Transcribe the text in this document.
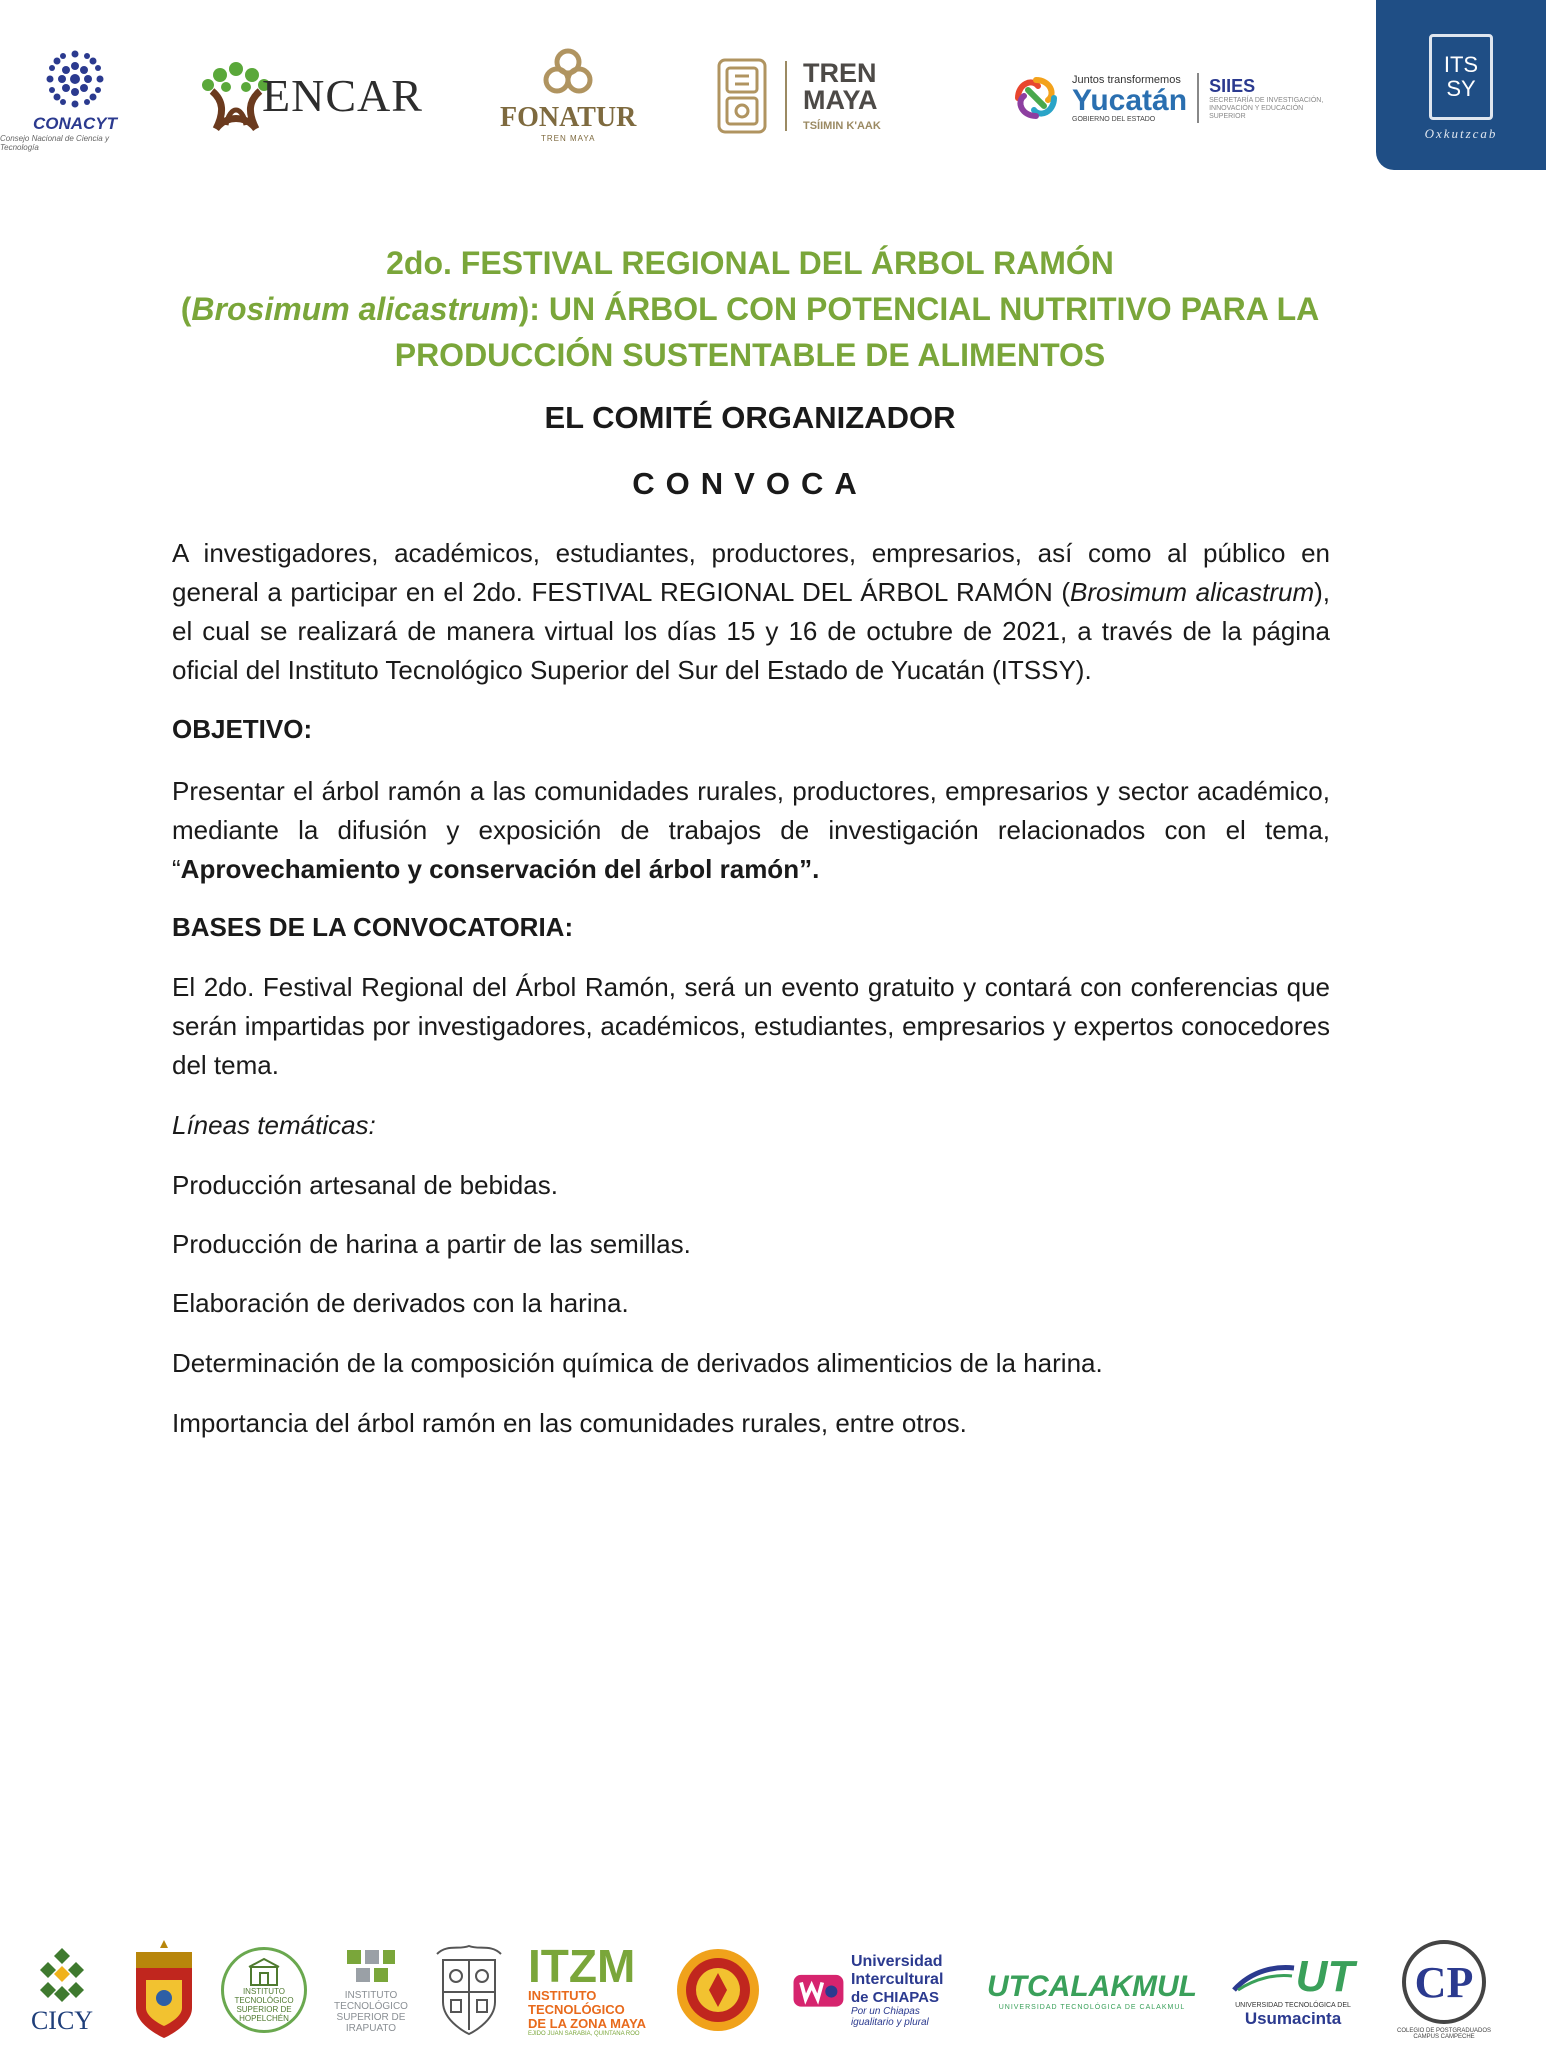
CONACYT
Consejo Nacional de Ciencia y Tecnología
ENCAR	FONATUR
TREN MAYA
TREN
MAYA
TSÍIMIN K'AAK
Juntos transformemos
Yucatán
GOBIERNO DEL ESTADO
SIIES
SECRETARÍA DE INVESTIGACIÓN,
INNOVACIÓN Y EDUCACIÓN
SUPERIOR
ITS
SY
Oxkutzcab
2do. FESTIVAL REGIONAL DEL ÁRBOL RAMÓN
(Brosimum alicastrum): UN ÁRBOL CON POTENCIAL NUTRITIVO PARA LA
PRODUCCIÓN SUSTENTABLE DE ALIMENTOS
EL COMITÉ ORGANIZADOR
CONVOCA
A investigadores, académicos, estudiantes, productores, empresarios, así como al público en general a participar en el 2do. FESTIVAL REGIONAL DEL ÁRBOL RAMÓN (Brosimum alicastrum), el cual se realizará de manera virtual los días 15 y 16 de octubre de 2021, a través de la página oficial del Instituto Tecnológico Superior del Sur del Estado de Yucatán (ITSSY).
OBJETIVO:
Presentar el árbol ramón a las comunidades rurales, productores, empresarios y sector académico, mediante la difusión y exposición de trabajos de investigación relacionados con el tema, “Aprovechamiento y conservación del árbol ramón”.
BASES DE LA CONVOCATORIA:
El 2do. Festival Regional del Árbol Ramón, será un evento gratuito y contará con conferencias que serán impartidas por investigadores, académicos, estudiantes, empresarios y expertos conocedores del tema.
Líneas temáticas:
Producción artesanal de bebidas.
Producción de harina a partir de las semillas.
Elaboración de derivados con la harina.
Determinación de la composición química de derivados alimenticios de la harina.
Importancia del árbol ramón en las comunidades rurales, entre otros.
CICY
INSTITUTO TECNOLÓGICO SUPERIOR DE HOPELCHÉN
INSTITUTO
TECNOLÓGICO
SUPERIOR DE
IRAPUATO
ITZM
INSTITUTO
TECNOLÓGICO
DE LA ZONA MAYA
EJIDO JUAN SARABIA, QUINTANA ROO
Universidad
Intercultural
de CHIAPAS
Por un Chiapas igualitario y plural
UTCALAKMUL
UNIVERSIDAD TECNOLÓGICA DE CALAKMUL
UT
UNIVERSIDAD TECNOLÓGICA DEL
Usumacinta
CP
COLEGIO DE POSTGRADUADOS
CAMPUS CAMPECHE
